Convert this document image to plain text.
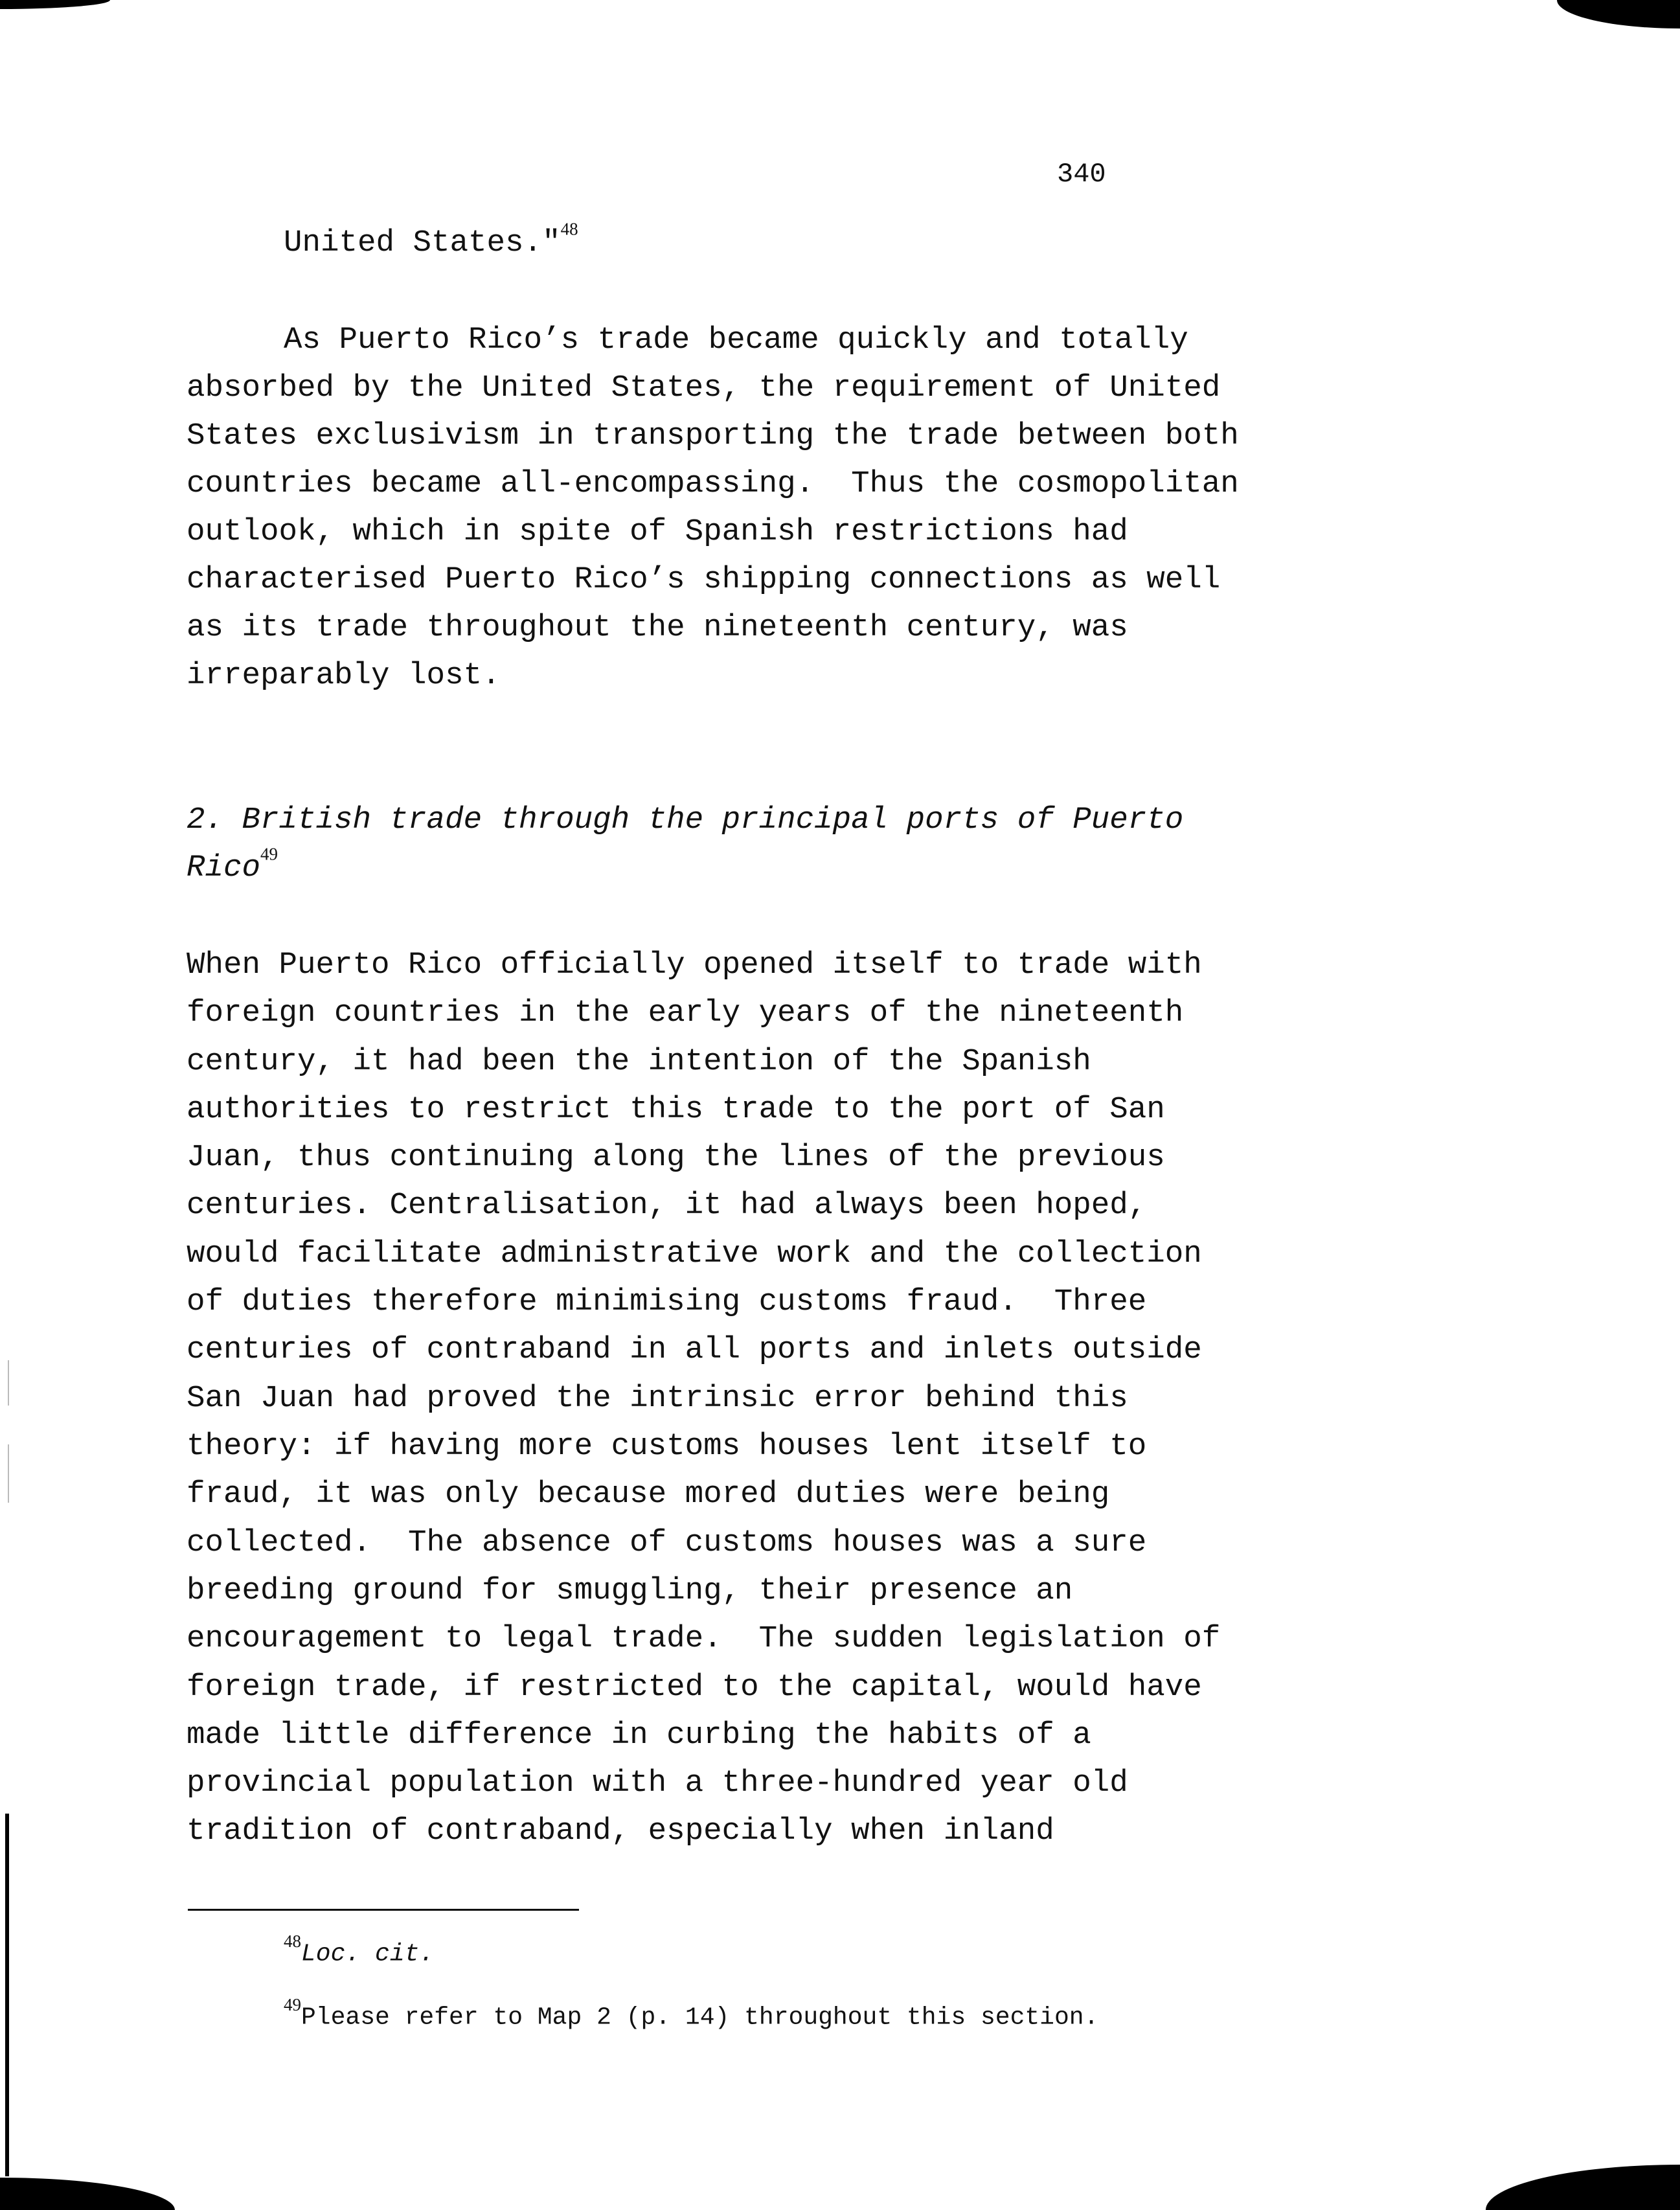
340
United States."$^{48}$
As Puerto Rico’s trade became quickly and totally
absorbed by the United States, the requirement of United
States exclusivism in transporting the trade between both
countries became all-encompassing.  Thus the cosmopolitan
outlook, which in spite of Spanish restrictions had
characterised Puerto Rico’s shipping connections as well
as its trade throughout the nineteenth century, was
irreparably lost.
2. British trade through the principal ports of Puerto
Rico$^{49}$
When Puerto Rico officially opened itself to trade with
foreign countries in the early years of the nineteenth
century, it had been the intention of the Spanish
authorities to restrict this trade to the port of San
Juan, thus continuing along the lines of the previous
centuries. Centralisation, it had always been hoped,
would facilitate administrative work and the collection
of duties therefore minimising customs fraud.  Three
centuries of contraband in all ports and inlets outside
San Juan had proved the intrinsic error behind this
theory: if having more customs houses lent itself to
fraud, it was only because mored duties were being
collected.  The absence of customs houses was a sure
breeding ground for smuggling, their presence an
encouragement to legal trade.  The sudden legislation of
foreign trade, if restricted to the capital, would have
made little difference in curbing the habits of a
provincial population with a three-hundred year old
tradition of contraband, especially when inland
$^{48}$Loc. cit.
$^{49}$Please refer to Map 2 (p. 14) throughout this section.
